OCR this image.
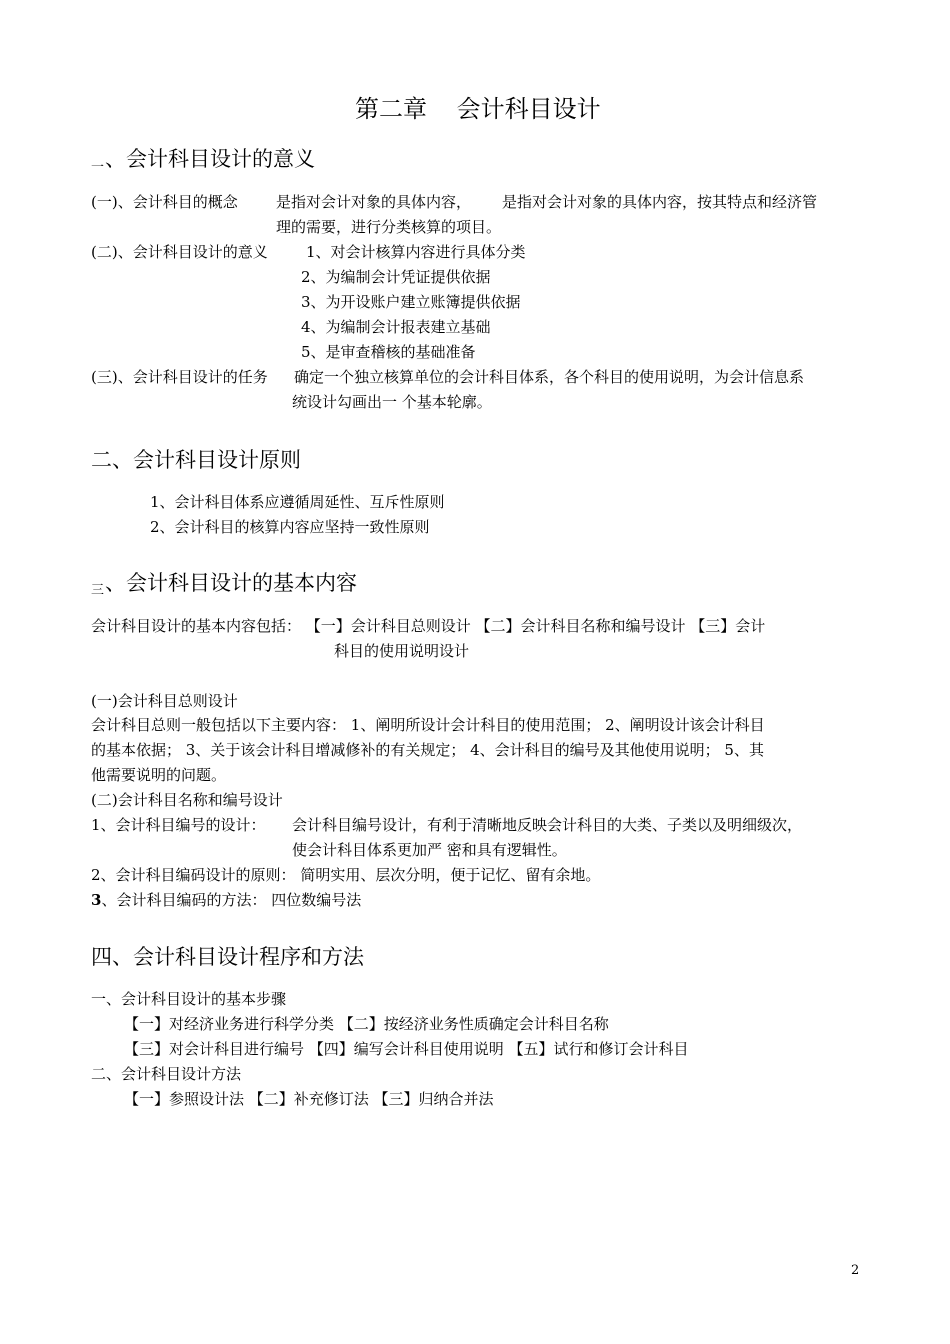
第二章 会计科目设计
一 、会计科目设计的意义
(一)、会计科目的概念	是指对会计对象的具体内容， 是指对会计对象的具体内容，按其特点和经济管
理的需要，进行分类核算的项目。
(二)、会计科目设计的意义	1、对会计核算内容进行具体分类
2、为编制会计凭证提供依据
3、为开设账户建立账簿提供依据
4、为编制会计报表建立基础
5、是审查稽核的基础准备
(三)、会计科目设计的任务 确定一个独立核算单位的会计科目体系，各个科目的使用说明，为会计信息系
统设计勾画出一 个基本轮廓。
二、会计科目设计原则
1、会计科目体系应遵循周延性、互斥性原则
2、会计科目的核算内容应坚持一致性原则
三 、会计科目设计的基本内容
会计科目设计的基本内容包括： 【一】会计科目总则设计 【二】会计科目名称和编号设计 【三】会计
科目的使用说明设计
(一)会计科目总则设计
会计科目总则一般包括以下主要内容： 1、阐明所设计会计科目的使用范围； 2、阐明设计该会计科目
的基本依据； 3、关于该会计科目增减修补的有关规定； 4、会计科目的编号及其他使用说明； 5、其
他需要说明的问题。
(二)会计科目名称和编号设计
1、会计科目编号的设计： 会计科目编号设计，有利于清晰地反映会计科目的大类、子类以及明细级次，
使会计科目体系更加严 密和具有逻辑性。
2、会计科目编码设计的原则： 简明实用、层次分明，便于记忆、留有余地。
3、会计科目编码的方法： 四位数编号法
四、会计科目设计程序和方法
一、会计科目设计的基本步骤
【一】对经济业务进行科学分类 【二】按经济业务性质确定会计科目名称
【三】对会计科目进行编号 【四】编写会计科目使用说明 【五】试行和修订会计科目
二、会计科目设计方法
【一】参照设计法 【二】补充修订法 【三】归纳合并法
2
